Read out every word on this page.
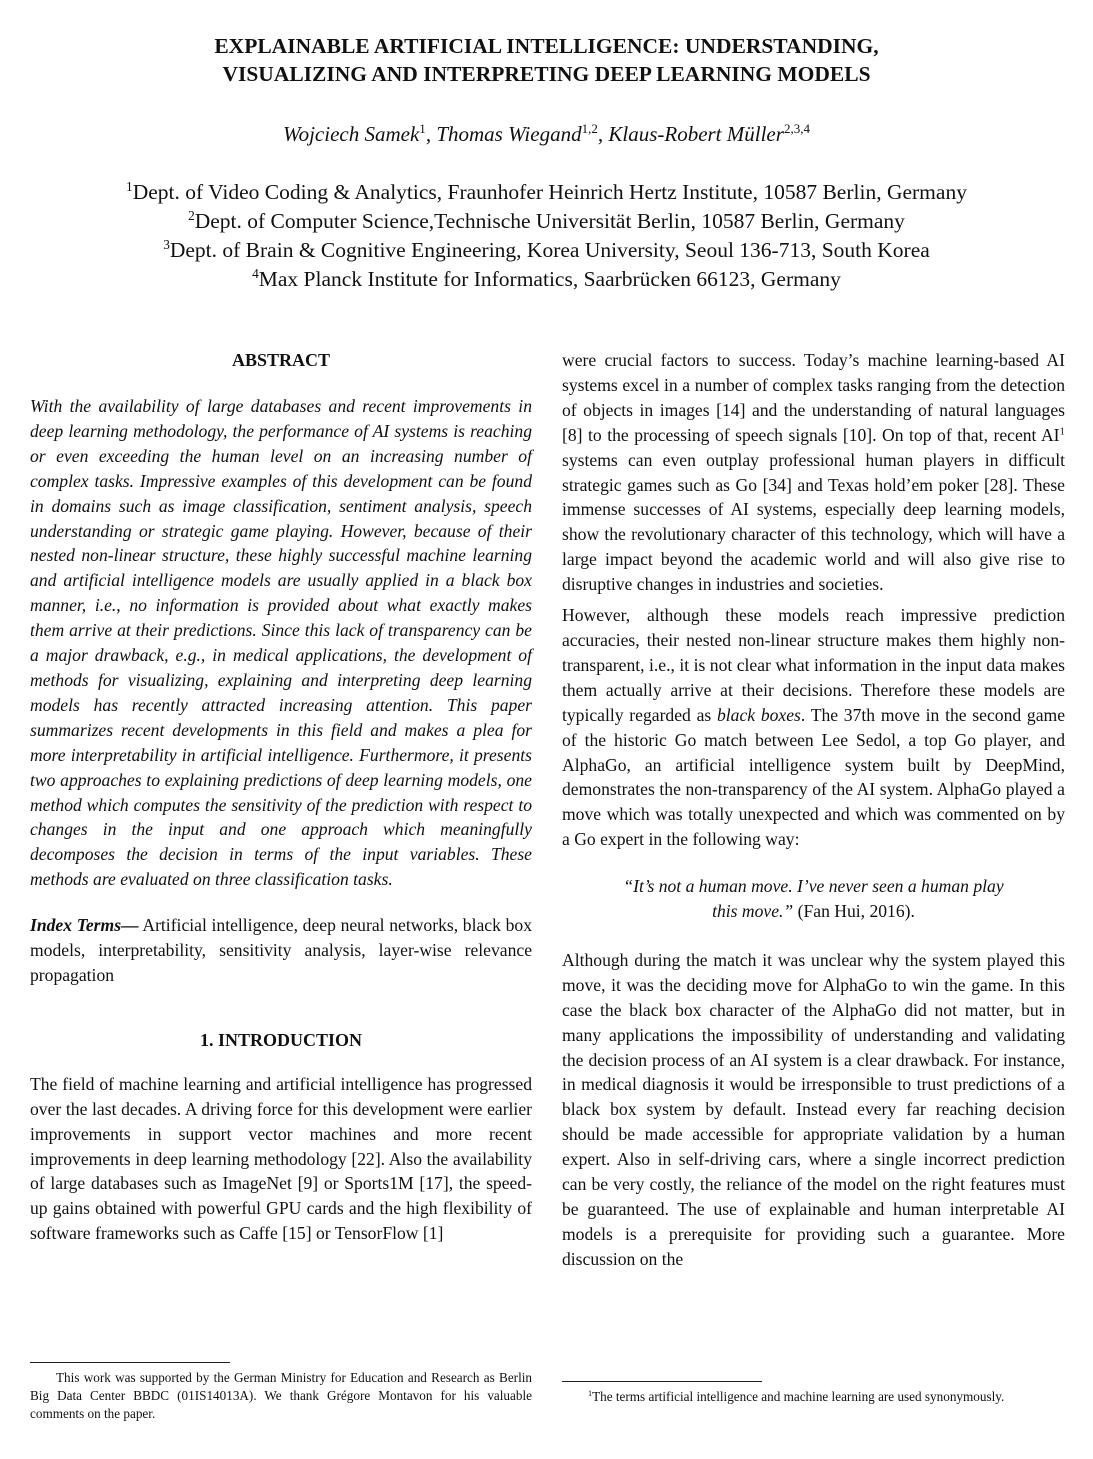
EXPLAINABLE ARTIFICIAL INTELLIGENCE: UNDERSTANDING,
VISUALIZING AND INTERPRETING DEEP LEARNING MODELS
Wojciech Samek$^1$, Thomas Wiegand$^{1,2}$, Klaus-Robert Müller$^{2,3,4}$
$^1$Dept. of Video Coding & Analytics, Fraunhofer Heinrich Hertz Institute, 10587 Berlin, Germany
$^2$Dept. of Computer Science,Technische Universität Berlin, 10587 Berlin, Germany
$^3$Dept. of Brain & Cognitive Engineering, Korea University, Seoul 136-713, South Korea
$^4$Max Planck Institute for Informatics, Saarbrücken 66123, Germany
ABSTRACT

With the availability of large databases and recent improvements in deep learning methodology, the performance of AI systems is reaching or even exceeding the human level on an increasing number of complex tasks. Impressive examples of this development can be found in domains such as image classification, sentiment analysis, speech understanding or strategic game playing. However, because of their nested non-linear structure, these highly successful machine learning and artificial intelligence models are usually applied in a black box manner, i.e., no information is provided about what exactly makes them arrive at their predictions. Since this lack of transparency can be a major drawback, e.g., in medical applications, the development of methods for visualizing, explaining and interpreting deep learning models has recently attracted increasing attention. This paper summarizes recent developments in this field and makes a plea for more interpretability in artificial intelligence. Furthermore, it presents two approaches to explaining predictions of deep learning models, one method which computes the sensitivity of the prediction with respect to changes in the input and one approach which meaningfully decomposes the decision in terms of the input variables. These methods are evaluated on three classification tasks.

Index Terms— Artificial intelligence, deep neural networks, black box models, interpretability, sensitivity analysis, layer-wise relevance propagation

1. INTRODUCTION

The field of machine learning and artificial intelligence has progressed over the last decades. A driving force for this development were earlier improvements in support vector machines and more recent improvements in deep learning methodology [22]. Also the availability of large databases such as ImageNet [9] or Sports1M [17], the speed-up gains obtained with powerful GPU cards and the high flexibility of software frameworks such as Caffe [15] or TensorFlow [1]

This work was supported by the German Ministry for Education and Research as Berlin Big Data Center BBDC (01IS14013A). We thank Grégore Montavon for his valuable comments on the paper.

were crucial factors to success. Today’s machine learning-based AI systems excel in a number of complex tasks ranging from the detection of objects in images [14] and the understanding of natural languages [8] to the processing of speech signals [10]. On top of that, recent $AI^1$ systems can even outplay professional human players in difficult strategic games such as Go [34] and Texas hold’em poker [28]. These immense successes of AI systems, especially deep learning models, show the revolutionary character of this technology, which will have a large impact beyond the academic world and will also give rise to disruptive changes in industries and societies.

However, although these models reach impressive prediction accuracies, their nested non-linear structure makes them highly non-transparent, i.e., it is not clear what information in the input data makes them actually arrive at their decisions. Therefore these models are typically regarded as black boxes. The 37th move in the second game of the historic Go match between Lee Sedol, a top Go player, and AlphaGo, an artificial intelligence system built by DeepMind, demonstrates the non-transparency of the AI system. AlphaGo played a move which was totally unexpected and which was commented on by a Go expert in the following way:

“It’s not a human move. I’ve never seen a human play this move.” (Fan Hui, 2016).

Although during the match it was unclear why the system played this move, it was the deciding move for AlphaGo to win the game. In this case the black box character of the AlphaGo did not matter, but in many applications the impossibility of understanding and validating the decision process of an AI system is a clear drawback. For instance, in medical diagnosis it would be irresponsible to trust predictions of a black box system by default. Instead every far reaching decision should be made accessible for appropriate validation by a human expert. Also in self-driving cars, where a single incorrect prediction can be very costly, the reliance of the model on the right features must be guaranteed. The use of explainable and human interpretable AI models is a prerequisite for providing such a guarantee. More discussion on the

$^1$The terms artificial intelligence and machine learning are used synonymously.
